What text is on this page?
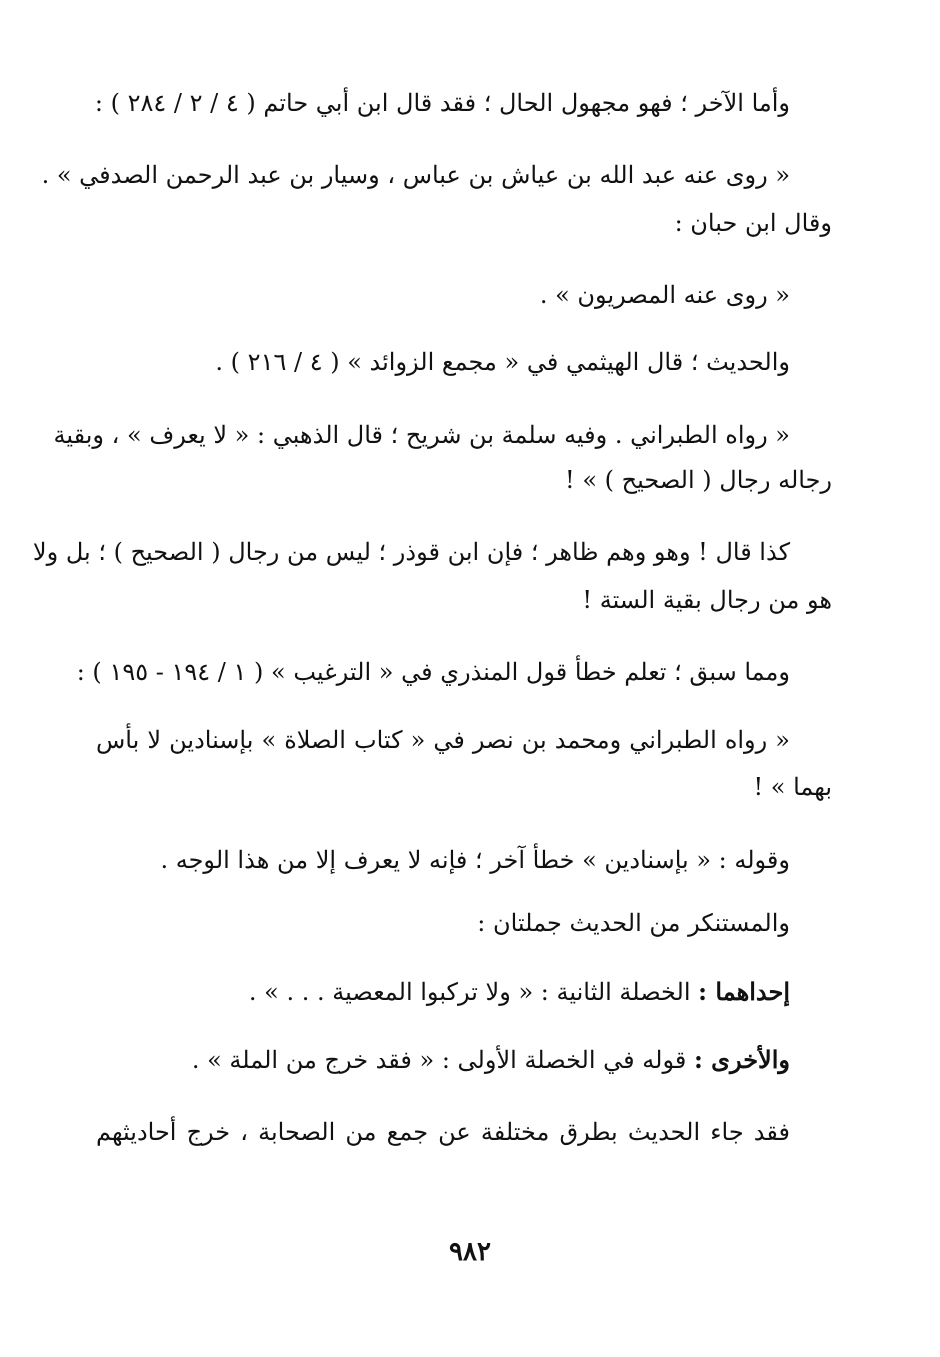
وأما الآخر ؛ فهو مجهول الحال ؛ فقد قال ابن أبي حاتم ( ٤ / ٢ / ٢٨٤ ) :
« روى عنه عبد الله بن عياش بن عباس ، وسيار بن عبد الرحمن الصدفي » .
وقال ابن حبان :
« روى عنه المصريون » .
والحديث ؛ قال الهيثمي في « مجمع الزوائد » ( ٤ / ٢١٦ ) .
« رواه الطبراني . وفيه سلمة بن شريح ؛ قال الذهبي : « لا يعرف » ، وبقية
رجاله رجال ( الصحيح ) » !
كذا قال ! وهو وهم ظاهر ؛ فإن ابن قوذر ؛ ليس من رجال ( الصحيح ) ؛ بل ولا
هو من رجال بقية الستة !
ومما سبق ؛ تعلم خطأ قول المنذري في « الترغيب » ( ١ / ١٩٤ - ١٩٥ ) :
« رواه الطبراني ومحمد بن نصر في « كتاب الصلاة » بإسنادين لا بأس
بهما » !
وقوله : « بإسنادين » خطأ آخر ؛ فإنه لا يعرف إلا من هذا الوجه .
والمستنكر من الحديث جملتان :
إحداهما : الخصلة الثانية : « ولا تركبوا المعصية . . . » .
والأخرى : قوله في الخصلة الأولى : « فقد خرج من الملة » .
فقد جاء الحديث بطرق مختلفة عن جمع من الصحابة ، خرج أحاديثهم
٩٨٢
